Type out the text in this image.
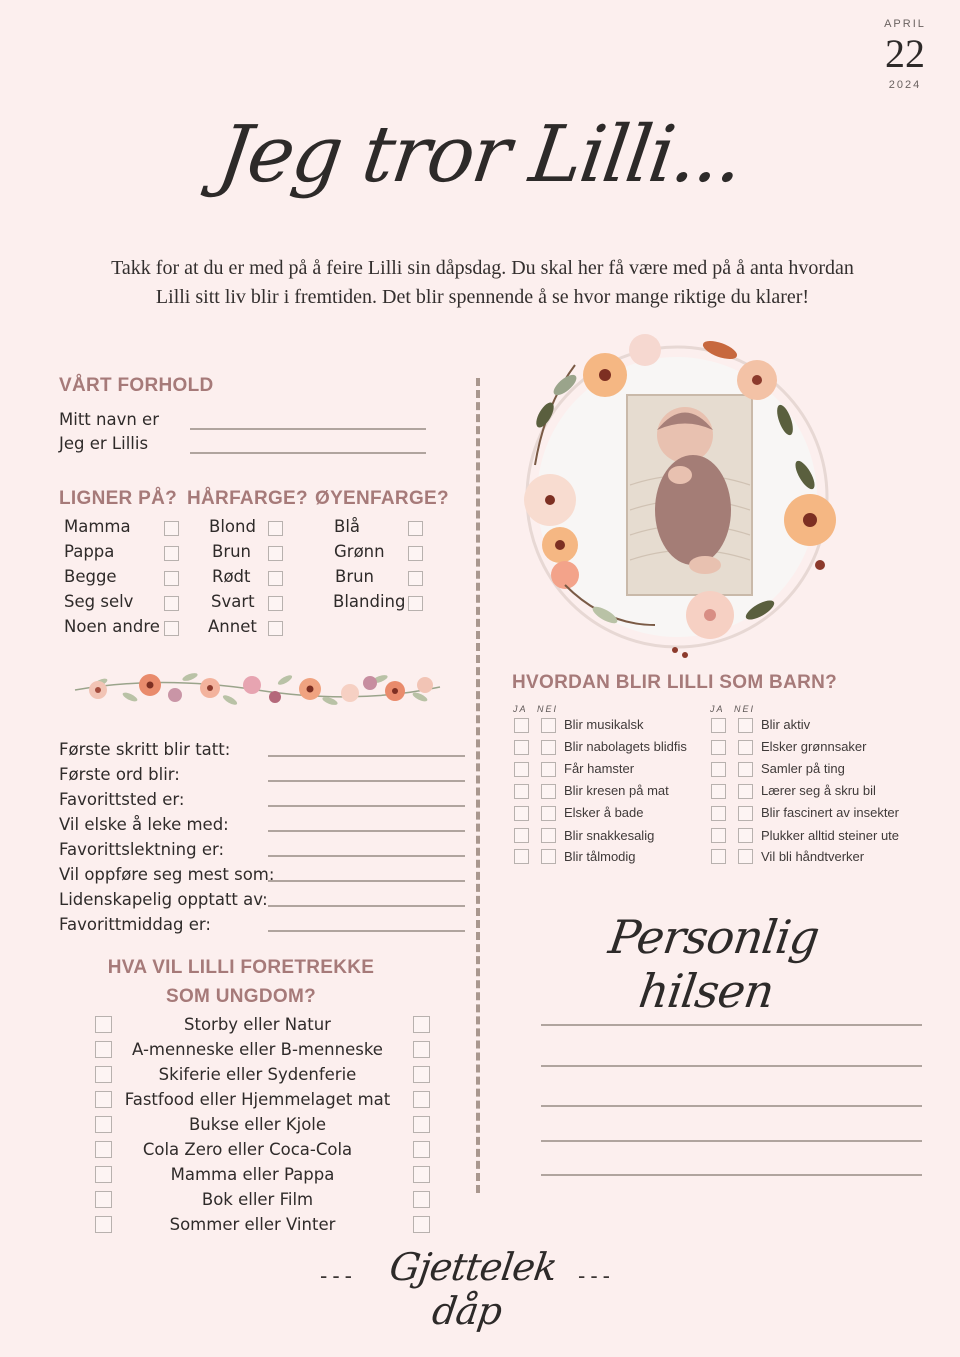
APRIL
22
2024
Jeg tror Lilli...
Takk for at du er med på å feire Lilli sin dåpsdag. Du skal her få være med på å anta hvordan Lilli sitt liv blir i fremtiden. Det blir spennende å se hvor mange riktige du klarer!
VÅRT FORHOLD
Mitt navn er
Jeg er Lillis
LIGNER PÅ? HÅRFARGE? ØYENFARGE?
Mamma
Pappa
Begge
Seg selv
Noen andre
Blond
Brun
Rødt
Svart
Annet
Blå
Grønn
Brun
Blanding
Første skritt blir tatt:
Første ord blir:
Favorittsted er:
Vil elske å leke med:
Favorittslektning er:
Vil oppføre seg mest som:
Lidenskapelig opptatt av:
Favorittmiddag er:
HVA VIL LILLI FORETREKKE
SOM UNGDOM?
Storby eller Natur
A-menneske eller B-menneske
Skiferie eller Sydenferie
Fastfood eller Hjemmelaget mat
Bukse eller Kjole
Cola Zero eller Coca-Cola
Mamma eller Pappa
Bok eller Film
Sommer eller Vinter
HVORDAN BLIR LILLI SOM BARN?
JA NEI	JA NEI
Blir musikalsk
Blir nabolagets blidfis
Får hamster
Blir kresen på mat
Elsker å bade
Blir snakkesalig
Blir tålmodig
Blir aktiv
Elsker grønnsaker
Samler på ting
Lærer seg å skru bil
Blir fascinert av insekter
Plukker alltid steiner ute
Vil bli håndtverker
Personlig hilsen
--- Gjettelek dåp
---
